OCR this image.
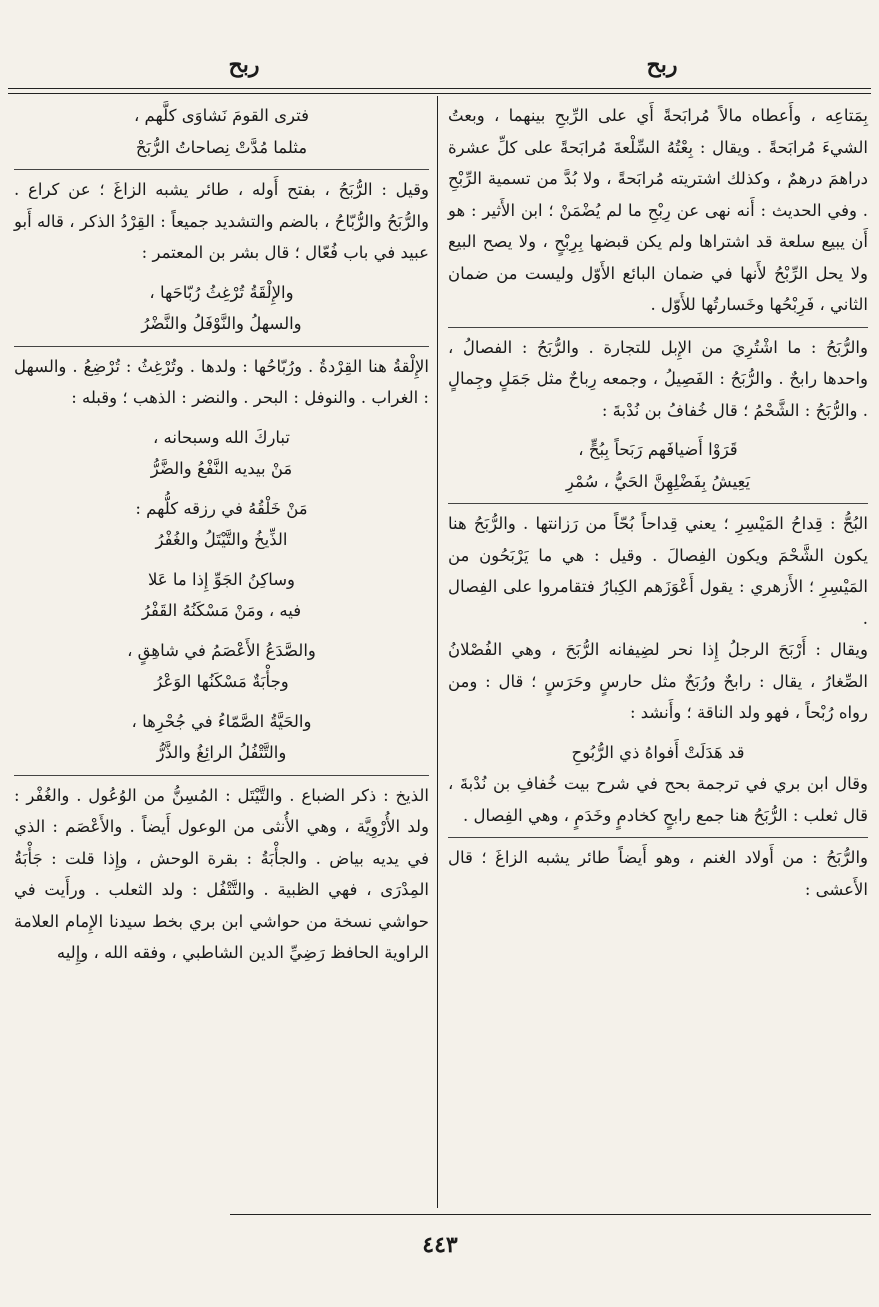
ربح
ربح

بِمَتاعِه ، وأَعطاه مالاً مُرابَحةً أَي على الرِّبحِ بينهما ، وبعتُ الشيءَ مُرابَحةً . ويقال : بِعْتُهُ السِّلْعةَ مُرابَحةً على كلِّ عشرة دراهمَ درهمٌ ، وكذلك اشتريته مُرابَحةً ، ولا بُدَّ من تسمية الرِّبْحِ . وفي الحديث : أَنه نهى عن رِبْحِ ما لم يُضْمَنْ ؛ ابن الأَثير : هو أَن يبيع سلعة قد اشتراها ولم يكن قبضها بِرِبْحٍ ، ولا يصح البيع ولا يحل الرِّبْحُ لأَنها في ضمان البائع الأَوّل وليست من ضمان الثاني ، فَرِبْحُها وخَسارتُها للأَوّل .

والرُّبَحُ : ما اشْتُرِيَ من الإِبل للتجارة . والرُّبَحُ : الفصالُ ، واحدها رابحٌ . والرُّبَحُ : الفَصِيلُ ، وجمعه رِباحٌ مثل جَمَلٍ وجِمالٍ . والرُّبَحُ : الشَّحْمُ ؛ قال خُفافُ بن نُدْبةَ :

قَرَوْا أَضيافَهم رَبَحاً بِبُحٍّ ،
يَعِيشُ بِفَضْلِهِنَّ الحَيُّ ، سُمْرِ

البُحُّ : قِداحُ المَيْسِرِ ؛ يعني قِداحاً بُحّاً من رَزانتها . والرُّبَحُ هنا يكون الشَّحْمَ ويكون الفِصالَ . وقيل : هي ما يَرْبَحُون من المَيْسِرِ ؛ الأَزهري : يقول أَعْوَزَهم الكِبارُ فتقامروا على الفِصال .

ويقال : أَرْبَحَ الرجلُ إِذا نحر لضِيفانه الرُّبَحَ ، وهي الفُصْلانُ الصِّغارُ ، يقال : رابحٌ ورُبَحٌ مثل حارسٍ وحَرَسٍ ؛ قال : ومن رواه رُبْحاً ، فهو ولد الناقة ؛ وأَنشد :

قد هَدَلَتْ أَفواهُ ذي الرُّبُوحِ

وقال ابن بري في ترجمة بحح في شرح بيت خُفافِ بن نُدْبةَ ، قال ثعلب : الرُّبَحُ هنا جمع رابحٍ كخادمٍ وخَدَمٍ ، وهي الفِصال .

والرُّبَحُ : من أَولاد الغنم ، وهو أَيضاً طائر يشبه الزاغَ ؛ قال الأَعشى :

فترى القومَ نَشاوَى كلَّهم ،
مثلما مُدَّتْ نِصاحاتُ الرُّبَحْ

وقيل : الرُّبَحُ ، بفتح أَوله ، طائر يشبه الزاغَ ؛ عن كراع . والرُّبَحُ والرُّبّاحُ ، بالضم والتشديد جميعاً : القِرْدُ الذكر ، قاله أَبو عبيد في باب فُعّال ؛ قال بشر بن المعتمر :

والإِلْقَةُ تُرْغِثُ رُبّاحَها ،
والسهلُ والنَّوْفَلُ والنَّضْرُ

الإِلْقةُ هنا القِرْدةُ . ورُبّاحُها : ولدها . وتُرْغِثُ : تُرْضِعُ . والسهل : الغراب . والنوفل : البحر . والنضر : الذهب ؛ وقبله :

تباركَ الله وسبحانه ،
مَنْ بيديه النَّفْعُ والضَّرُّ
مَنْ خَلْقُهُ في رزقه كلُّهم :
الذِّيخُ والتَّيْتَلُ والغُفْرُ
وساكِنُ الجَوِّ إِذا ما عَلا
فيه ، ومَنْ مَسْكَنُهُ القَفْرُ
والصَّدَعُ الأَعْصَمُ في شاهِقٍ ،
وجأْبَةٌ مَسْكَنُها الوَعْرُ
والحَيَّةُ الصَّمّاءُ في جُحْرِها ،
والتَّتْفُلُ الرائِغُ والذَّرُّ

الذيخ : ذكر الضباع . والتَّيْتَل : المُسِنُّ من الوُعُول . والغُفْر : ولد الأُرْوِيَّة ، وهي الأُنثى من الوعول أَيضاً . والأَعْصَم : الذي في يديه بياض . والجأْبَةُ : بقرة الوحش ، وإِذا قلت : جَأْبَةُ المِدْرَى ، فهي الظبية . والتَّتْفُل : ولد الثعلب . ورأَيت في حواشي نسخة من حواشي ابن بري بخط سيدنا الإِمام العلامة الراوية الحافظ رَضِيِّ الدين الشاطبي ، وفقه الله ، وإِليه

٤٤٣
